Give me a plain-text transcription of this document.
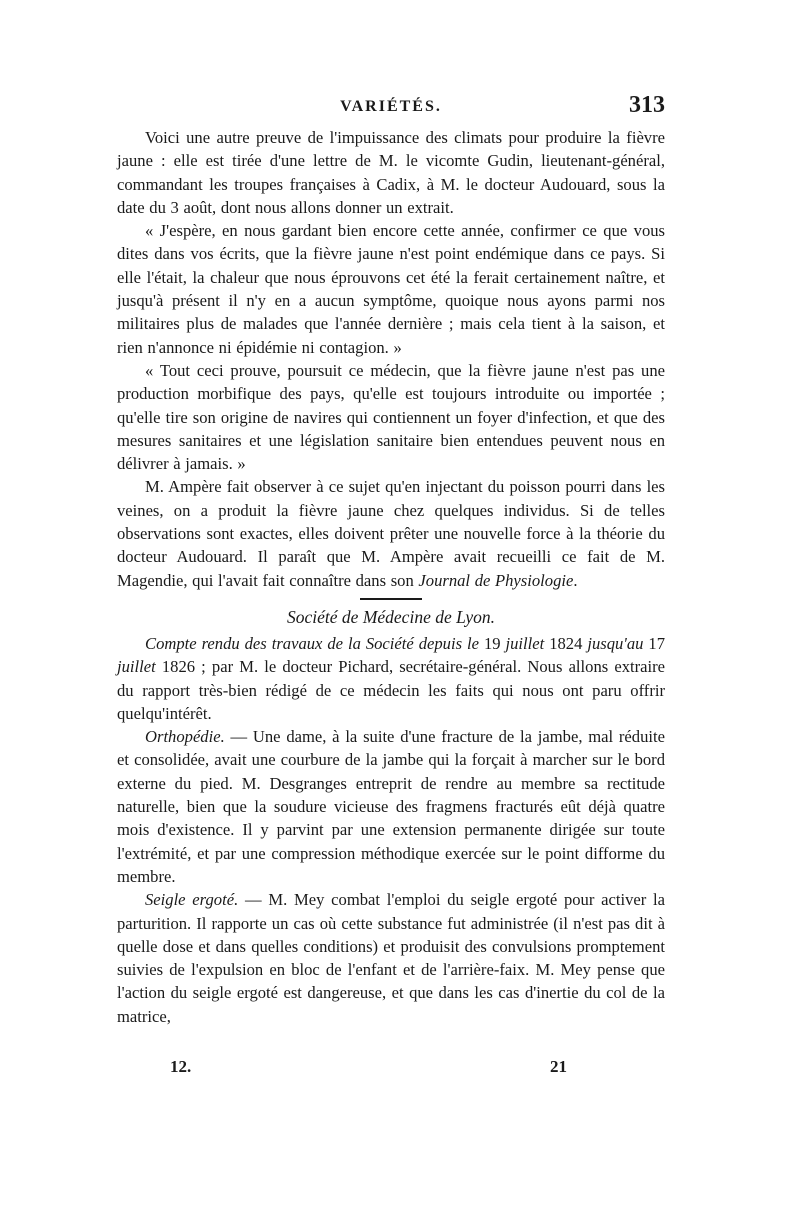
VARIÉTÉS.	313

Voici une autre preuve de l'impuissance des climats pour produire la fièvre jaune : elle est tirée d'une lettre de M. le vicomte Gudin, lieutenant-général, commandant les troupes françaises à Cadix, à M. le docteur Audouard, sous la date du 3 août, dont nous allons donner un extrait.

« J'espère, en nous gardant bien encore cette année, confirmer ce que vous dites dans vos écrits, que la fièvre jaune n'est point endémique dans ce pays. Si elle l'était, la chaleur que nous éprouvons cet été la ferait certainement naître, et jusqu'à présent il n'y en a aucun symptôme, quoique nous ayons parmi nos militaires plus de malades que l'année dernière ; mais cela tient à la saison, et rien n'annonce ni épidémie ni contagion. »

« Tout ceci prouve, poursuit ce médecin, que la fièvre jaune n'est pas une production morbifique des pays, qu'elle est toujours introduite ou importée ; qu'elle tire son origine de navires qui contiennent un foyer d'infection, et que des mesures sanitaires et une législation sanitaire bien entendues peuvent nous en délivrer à jamais. »

M. Ampère fait observer à ce sujet qu'en injectant du poisson pourri dans les veines, on a produit la fièvre jaune chez quelques individus. Si de telles observations sont exactes, elles doivent prêter une nouvelle force à la théorie du docteur Audouard. Il paraît que M. Ampère avait recueilli ce fait de M. Magendie, qui l'avait fait connaître dans son Journal de Physiologie.

Société de Médecine de Lyon.

Compte rendu des travaux de la Société depuis le 19 juillet 1824 jusqu'au 17 juillet 1826 ; par M. le docteur Pichard, secrétaire-général. Nous allons extraire du rapport très-bien rédigé de ce médecin les faits qui nous ont paru offrir quelqu'intérêt.

Orthopédie. — Une dame, à la suite d'une fracture de la jambe, mal réduite et consolidée, avait une courbure de la jambe qui la forçait à marcher sur le bord externe du pied. M. Desgranges entreprit de rendre au membre sa rectitude naturelle, bien que la soudure vicieuse des fragmens fracturés eût déjà quatre mois d'existence. Il y parvint par une extension permanente dirigée sur toute l'extrémité, et par une compression méthodique exercée sur le point difforme du membre.

Seigle ergoté. — M. Mey combat l'emploi du seigle ergoté pour activer la parturition. Il rapporte un cas où cette substance fut administrée (il n'est pas dit à quelle dose et dans quelles conditions) et produisit des convulsions promptement suivies de l'expulsion en bloc de l'enfant et de l'arrière-faix. M. Mey pense que l'action du seigle ergoté est dangereuse, et que dans les cas d'inertie du col de la matrice,

12.	21
